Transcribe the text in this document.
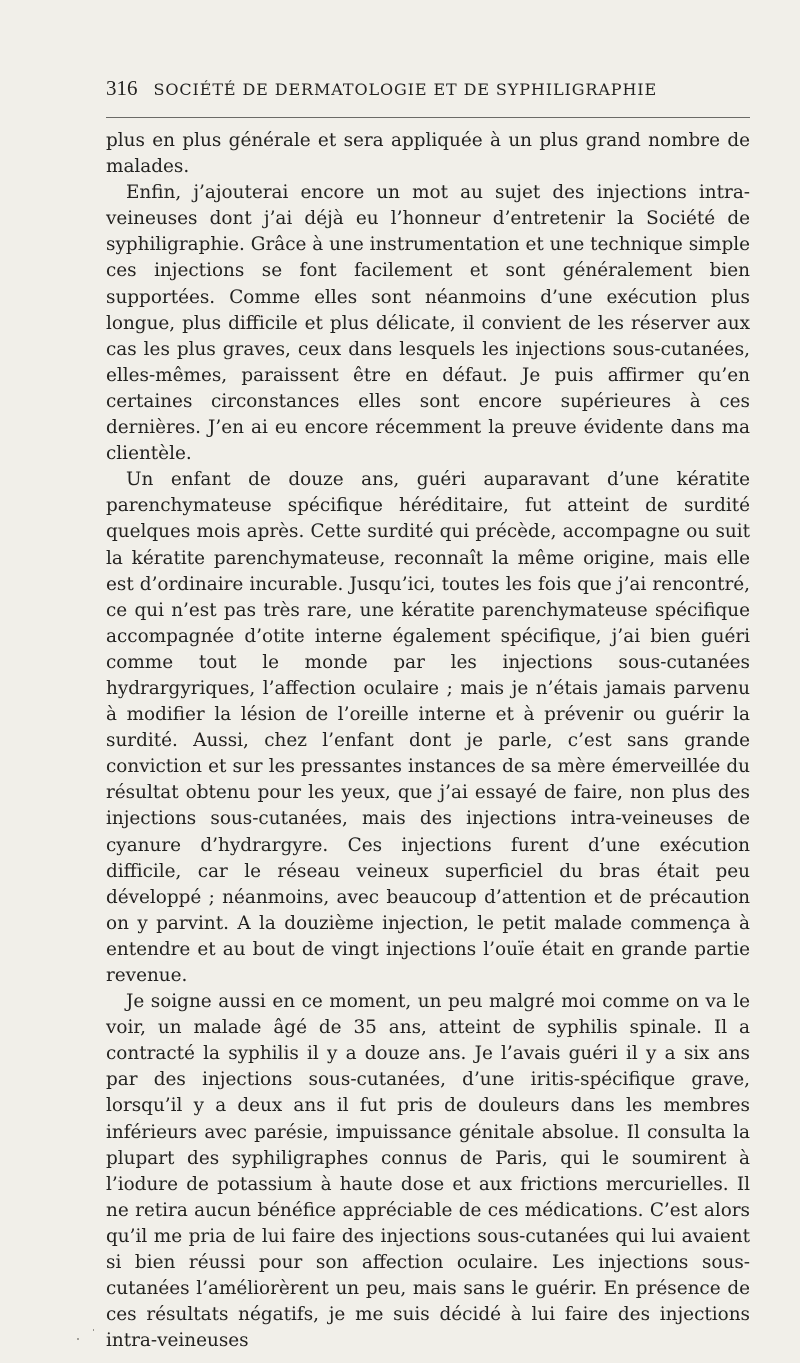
316 SOCIÉTÉ DE DERMATOLOGIE ET DE SYPHILIGRAPHIE

plus en plus générale et sera appliquée à un plus grand nombre de malades.

Enfin, j’ajouterai encore un mot au sujet des injections intra-veineuses dont j’ai déjà eu l’honneur d’entretenir la Société de syphiligraphie. Grâce à une instrumentation et une technique simple ces injections se font facilement et sont généralement bien supportées. Comme elles sont néanmoins d’une exécution plus longue, plus difficile et plus délicate, il convient de les réserver aux cas les plus graves, ceux dans lesquels les injections sous-cutanées, elles-mêmes, paraissent être en défaut. Je puis affirmer qu’en certaines circonstances elles sont encore supérieures à ces dernières. J’en ai eu encore récemment la preuve évidente dans ma clientèle.

Un enfant de douze ans, guéri auparavant d’une kératite parenchymateuse spécifique héréditaire, fut atteint de surdité quelques mois après. Cette surdité qui précède, accompagne ou suit la kératite parenchymateuse, reconnaît la même origine, mais elle est d’ordinaire incurable. Jusqu’ici, toutes les fois que j’ai rencontré, ce qui n’est pas très rare, une kératite parenchymateuse spécifique accompagnée d’otite interne également spécifique, j’ai bien guéri comme tout le monde par les injections sous-cutanées hydrargyriques, l’affection oculaire ; mais je n’étais jamais parvenu à modifier la lésion de l’oreille interne et à prévenir ou guérir la surdité. Aussi, chez l’enfant dont je parle, c’est sans grande conviction et sur les pressantes instances de sa mère émerveillée du résultat obtenu pour les yeux, que j’ai essayé de faire, non plus des injections sous-cutanées, mais des injections intra-veineuses de cyanure d’hydrargyre. Ces injections furent d’une exécution difficile, car le réseau veineux superficiel du bras était peu développé ; néanmoins, avec beaucoup d’attention et de précaution on y parvint. A la douzième injection, le petit malade commença à entendre et au bout de vingt injections l’ouïe était en grande partie revenue.

Je soigne aussi en ce moment, un peu malgré moi comme on va le voir, un malade âgé de 35 ans, atteint de syphilis spinale. Il a contracté la syphilis il y a douze ans. Je l’avais guéri il y a six ans par des injections sous-cutanées, d’une iritis-spécifique grave, lorsqu’il y a deux ans il fut pris de douleurs dans les membres inférieurs avec parésie, impuissance génitale absolue. Il consulta la plupart des syphiligraphes connus de Paris, qui le soumirent à l’iodure de potassium à haute dose et aux frictions mercurielles. Il ne retira aucun bénéfice appréciable de ces médications. C’est alors qu’il me pria de lui faire des injections sous-cutanées qui lui avaient si bien réussi pour son affection oculaire. Les injections sous-cutanées l’améliorèrent un peu, mais sans le guérir. En présence de ces résultats négatifs, je me suis décidé à lui faire des injections intra-veineuses
